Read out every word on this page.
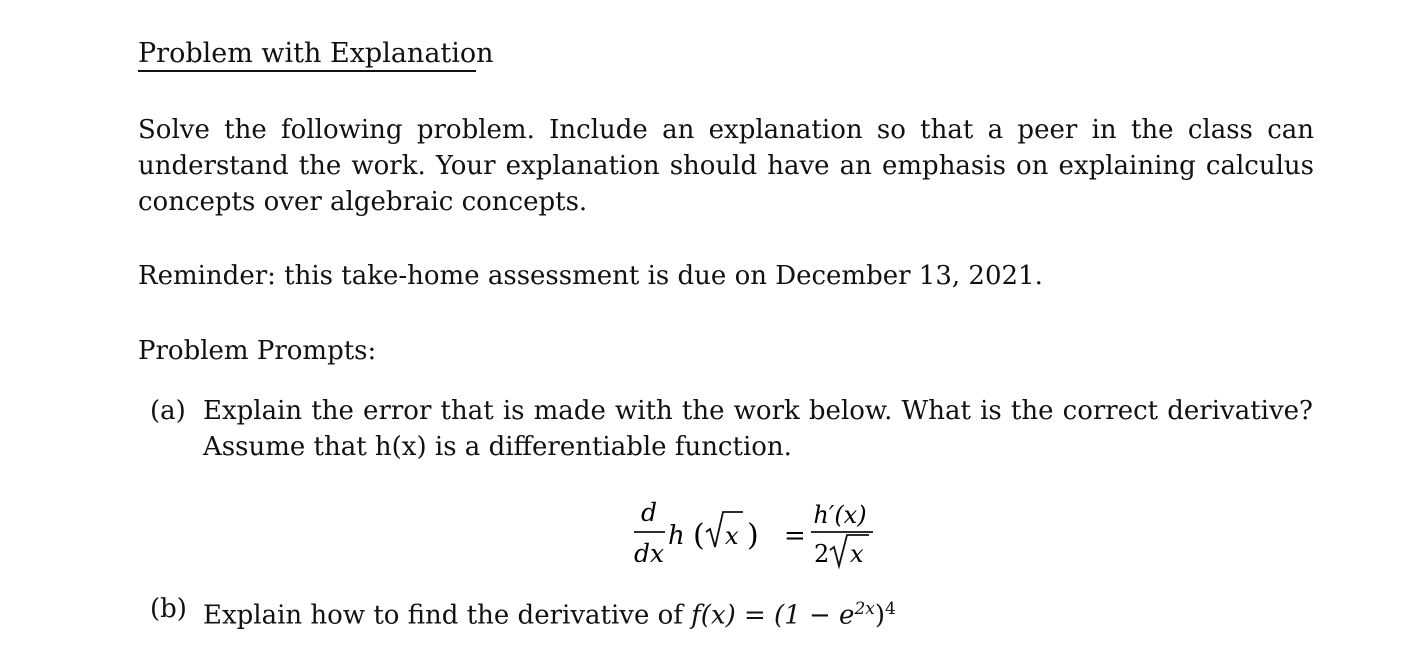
Problem with Explanation
Solve the following problem. Include an explanation so that a peer in the class can understand the work. Your explanation should have an emphasis on explaining calculus concepts over algebraic concepts.
Reminder: this take-home assessment is due on December 13, 2021.
Problem Prompts:
(a) Explain the error that is made with the work below. What is the correct derivative? Assume that h(x) is a differentiable function.
d
dx
h ( x ) =
h′(x)
2 x
(b) Explain how to find the derivative of $f(x) = (1 - e^{2x})^4$
